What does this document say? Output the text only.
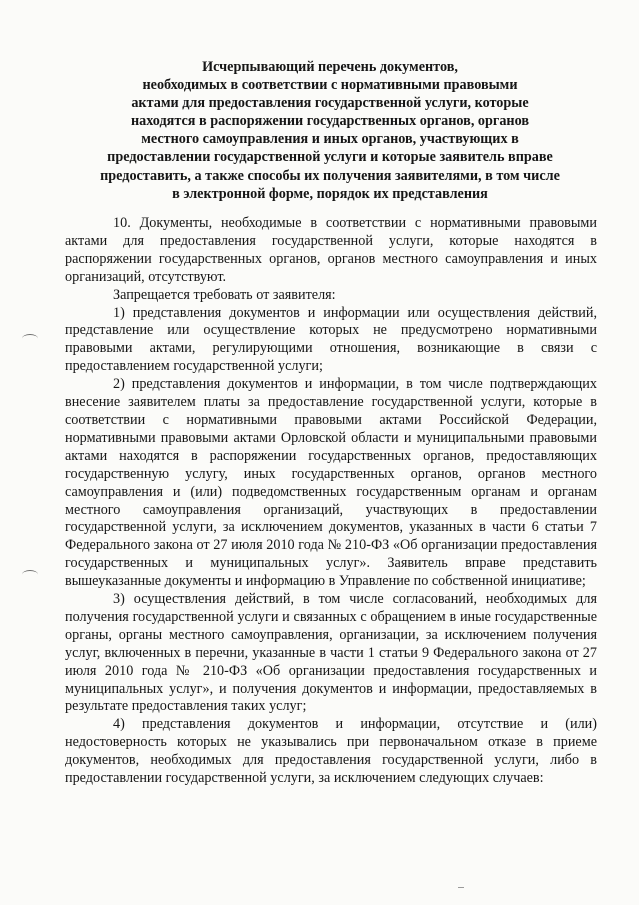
Исчерпывающий перечень документов,
необходимых в соответствии с нормативными правовыми
актами для предоставления государственной услуги, которые
находятся в распоряжении государственных органов, органов
местного самоуправления и иных органов, участвующих в
предоставлении государственной услуги и которые заявитель вправе
предоставить, а также способы их получения заявителями, в том числе
в электронной форме, порядок их представления

10. Документы, необходимые в соответствии с нормативными правовыми актами для предоставления государственной услуги, которые находятся в распоряжении государственных органов, органов местного самоуправления и иных организаций, отсутствуют.

Запрещается требовать от заявителя:

1) представления документов и информации или осуществления действий, представление или осуществление которых не предусмотрено нормативными правовыми актами, регулирующими отношения, возникающие в связи с предоставлением государственной услуги;

2) представления документов и информации, в том числе подтверждающих внесение заявителем платы за предоставление государственной услуги, которые в соответствии с нормативными правовыми актами Российской Федерации, нормативными правовыми актами Орловской области и муниципальными правовыми актами находятся в распоряжении государственных органов, предоставляющих государственную услугу, иных государственных органов, органов местного самоуправления и (или) подведомственных государственным органам и органам местного самоуправления организаций, участвующих в предоставлении государственной услуги, за исключением документов, указанных в части 6 статьи 7 Федерального закона от 27 июля 2010 года № 210-ФЗ «Об организации предоставления государственных и муниципальных услуг». Заявитель вправе представить вышеуказанные документы и информацию в Управление по собственной инициативе;

3) осуществления действий, в том числе согласований, необходимых для получения государственной услуги и связанных с обращением в иные государственные органы, органы местного самоуправления, организации, за исключением получения услуг, включенных в перечни, указанные в части 1 статьи 9 Федерального закона от 27 июля 2010 года № 210-ФЗ «Об организации предоставления государственных и муниципальных услуг», и получения документов и информации, предоставляемых в результате предоставления таких услуг;

4) представления документов и информации, отсутствие и (или) недостоверность которых не указывались при первоначальном отказе в приеме документов, необходимых для предоставления государственной услуги, либо в предоставлении государственной услуги, за исключением следующих случаев:
